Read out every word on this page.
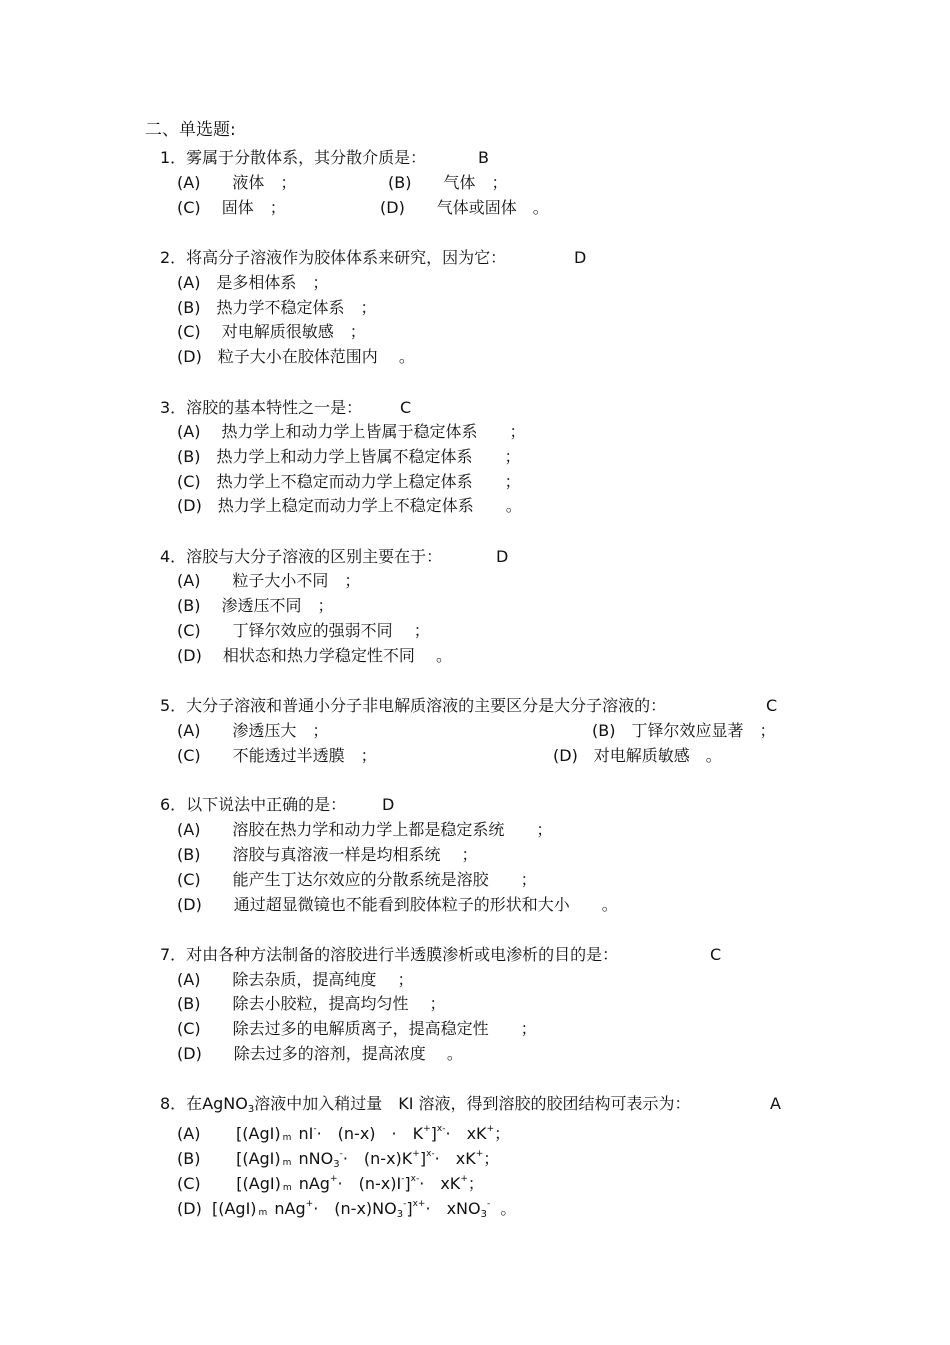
二、单选题:
1．雾属于分散体系，其分散介质是：	B
(A)　　液体　；	(B)　　气体　；
(C)　 固体　；	(D)　　气体或固体　。
2．将高分子溶液作为胶体体系来研究，因为它：	D
(A)　是多相体系　；
(B)　热力学不稳定体系　；
(C)　 对电解质很敏感　；
(D)　粒子大小在胶体范围内　 。
3．溶胶的基本特性之一是： C
(A)　 热力学上和动力学上皆属于稳定体系　　；
(B)　热力学上和动力学上皆属不稳定体系　　；
(C)　热力学上不稳定而动力学上稳定体系　　；
(D)　热力学上稳定而动力学上不稳定体系　　。
4．溶胶与大分子溶液的区别主要在于：	D
(A)　　粒子大小不同　；
(B)　 渗透压不同　；
(C)　　丁铎尔效应的强弱不同　 ；
(D)　 相状态和热力学稳定性不同　 。
5．大分子溶液和普通小分子非电解质溶液的主要区分是大分子溶液的：	C
(A)　　渗透压大　；	(B)　丁铎尔效应显著　；
(C)　　不能透过半透膜　；	(D)　对电解质敏感　。
6．以下说法中正确的是： D
(A)　　溶胶在热力学和动力学上都是稳定系统　　；
(B)　　溶胶与真溶液一样是均相系统　 ；
(C)　　能产生丁达尔效应的分散系统是溶胶　　；
(D)　　通过超显微镜也不能看到胶体粒子的形状和大小　　。
7．对由各种方法制备的溶胶进行半透膜渗析或电渗析的目的是：	C
(A)　　除去杂质，提高纯度　 ；
(B)　　除去小胶粒，提高均匀性　 ；
(C)　　除去过多的电解质离子，提高稳定性　　；
(D)　　除去过多的溶剂，提高浓度　 。
8．在AgNO$_3$溶液中加入稍过量　KI 溶液，得到溶胶的胶团结构可表示为：	A
(A) [(AgI) m nI-·　(n-x)　·　K+]$^{x-}$·　xK+；
(B) [(AgI) m nNO$_3$-·　(n-x)K+]$^{x-}$·　xK+；
(C) [(AgI) m nAg+·　(n-x)I-]$^{x-}$·　xK+；
(D) [(AgI) m nAg+·　$(n-x)NO_3^-]^{x+}\cdot$　xNO$_3$- 。
